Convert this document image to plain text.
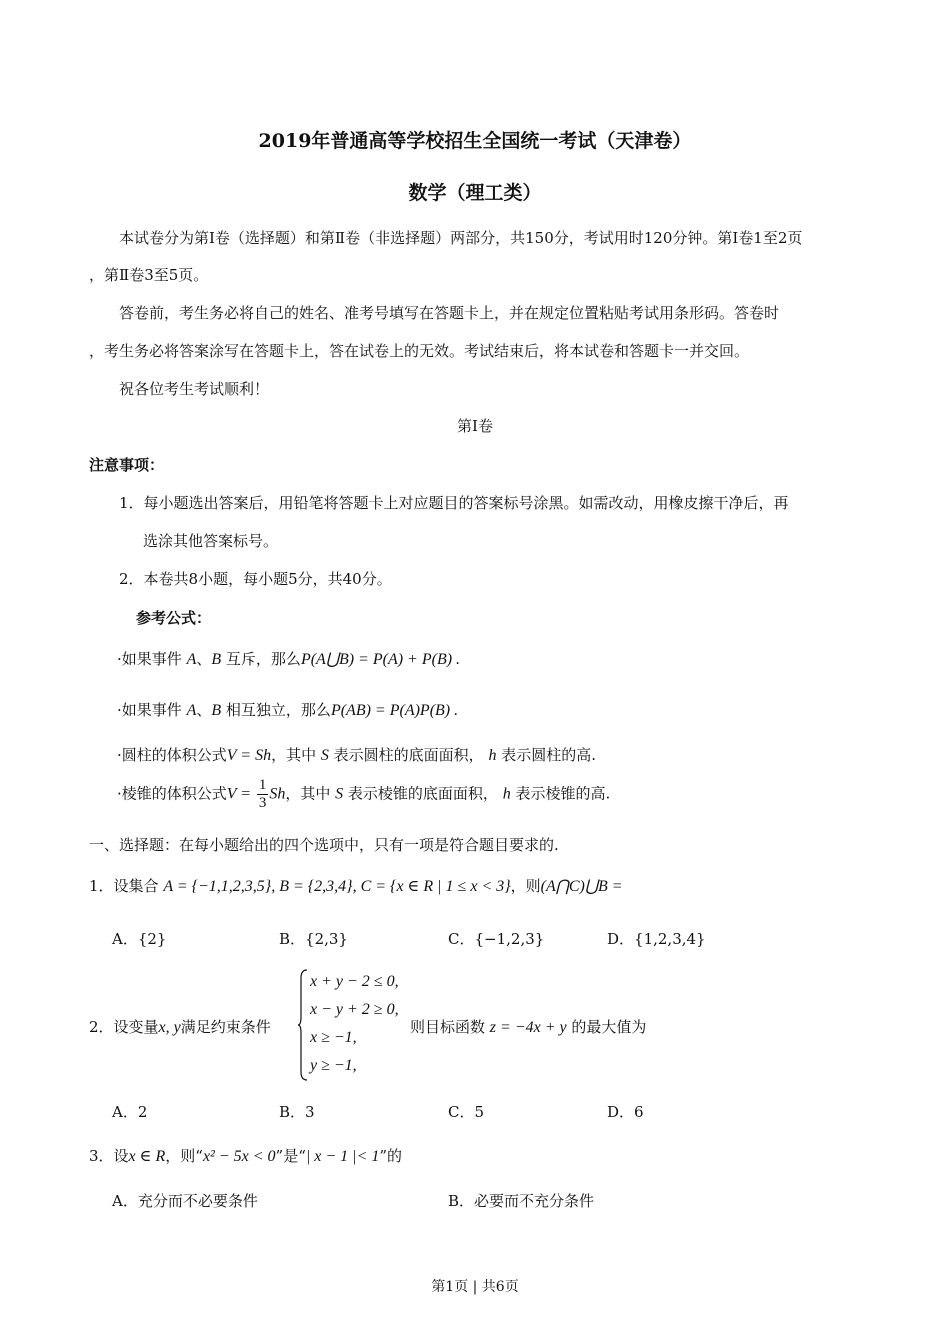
2019年普通高等学校招生全国统一考试（天津卷）
数学（理工类）
本试卷分为第Ⅰ卷（选择题）和第Ⅱ卷（非选择题）两部分，共150分，考试用时120分钟。第Ⅰ卷1至2页
，第Ⅱ卷3至5页。
答卷前，考生务必将自己的姓名、准考号填写在答题卡上，并在规定位置粘贴考试用条形码。答卷时
，考生务必将答案涂写在答题卡上，答在试卷上的无效。考试结束后，将本试卷和答题卡一并交回。
祝各位考生考试顺利！
第Ⅰ卷
注意事项：
1．每小题选出答案后，用铅笔将答题卡上对应题目的答案标号涂黑。如需改动，用橡皮擦干净后，再
选涂其他答案标号。
2．本卷共8小题，每小题5分，共40分。
参考公式：
·如果事件 A、B 互斥，那么P(A⋃B) = P(A) + P(B) .
·如果事件 A、B 相互独立，那么P(AB) = P(A)P(B) .
·圆柱的体积公式V = Sh，其中 S 表示圆柱的底面面积， h 表示圆柱的高.
·棱锥的体积公式$V = \frac{1}{3}$ Sh，其中 S 表示棱锥的底面面积， h 表示棱锥的高.
一、选择题：在每小题给出的四个选项中，只有一项是符合题目要求的.
1．设集合 A = {−1,1,2,3,5}, B = {2,3,4}, C = {x ∈ R | 1 ≤ x < 3}，则(A⋂C)⋃B =
A．{2}	B．{2,3}	C．{−1,2,3}	D．{1,2,3,4}
2．设变量x, y满足约束条件
x + y − 2 ≤ 0,
x − y + 2 ≥ 0,
x ≥ −1,
y ≥ −1,
则目标函数 z = −4x + y 的最大值为
A．2	B．3	C．5	D．6
3．设x ∈ R，则“x² − 5x < 0”是“| x − 1 |< 1”的
A．充分而不必要条件	B．必要而不充分条件
第1页 | 共6页
